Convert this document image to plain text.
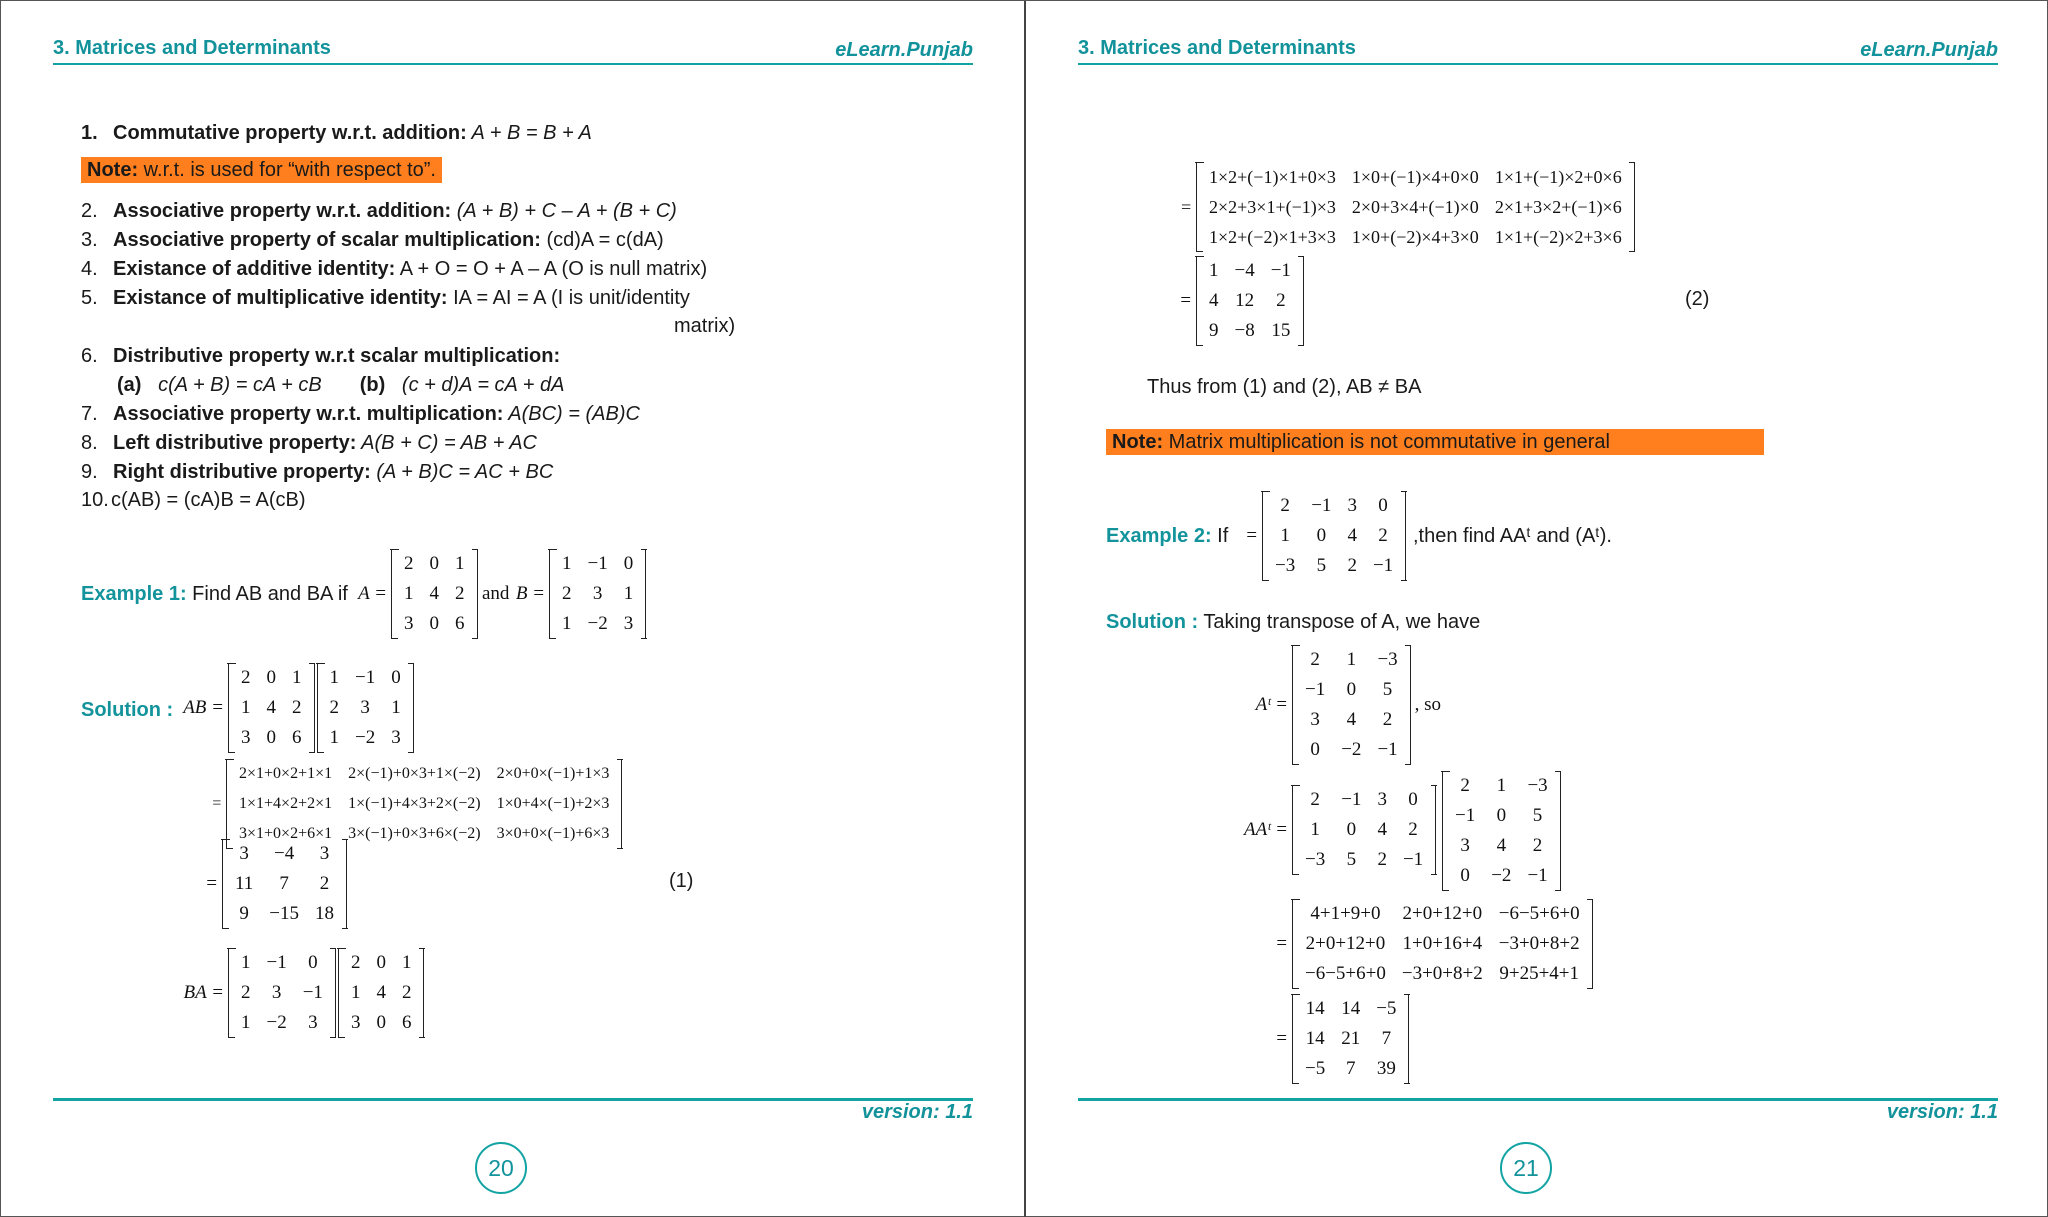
3. Matrices and Determinants	eLearn.Punjab
1. Commutative property w.r.t. addition: A + B = B + A
Note: w.r.t. is used for “with respect to”.
2. Associative property w.r.t. addition: (A + B) + C – A + (B + C)
3. Associative property of scalar multiplication: (cd)A = c(dA)
4. Existance of additive identity: A + O = O + A – A (O is null matrix)
5. Existance of multiplicative identity: IA = AI = A (I is unit/identity
matrix)
6. Distributive property w.r.t scalar multiplication:
(a) c(A + B) = cA + cB (b) (c + d)A = cA + dA
7. Associative property w.r.t. multiplication: A(BC) = (AB)C
8. Left distributive property: A(B + C) = AB + AC
9. Right distributive property: (A + B)C = AC + BC
10. c(AB) = (cA)B = A(cB)
Example 1: Find AB and BA if A =
2	0	1
1	4	2
3	0	6
and B =
1	−1	0
2	3	1
1	−2	3
Solution : AB =
2	0	1
1	4	2
3	0	6
1	−1	0
2	3	1
1	−2	3
=
2×1+0×2+1×1	2×(−1)+0×3+1×(−2)	2×0+0×(−1)+1×3
1×1+4×2+2×1	1×(−1)+4×3+2×(−2)	1×0+4×(−1)+2×3
3×1+0×2+6×1	3×(−1)+0×3+6×(−2)	3×0+0×(−1)+6×3
=
3	−4	3
11	7	2
9	−15	18
(1)
BA =
1	−1	0
2	3	−1
1	−2	3
2	0	1
1	4	2
3	0	6
version: 1.1
20
3. Matrices and Determinants	eLearn.Punjab
=
1×2+(−1)×1+0×3	1×0+(−1)×4+0×0	1×1+(−1)×2+0×6
2×2+3×1+(−1)×3	2×0+3×4+(−1)×0	2×1+3×2+(−1)×6
1×2+(−2)×1+3×3	1×0+(−2)×4+3×0	1×1+(−2)×2+3×6
=
1	−4	−1
4	12	2
9	−8	15
(2)
Thus from (1) and (2), AB ≠ BA
Note: Matrix multiplication is not commutative in general
Example 2: If =
2	−1	3	0
1	0	4	2
−3	5	2	−1
,then find AAᵗ and (Aᵗ).
Solution : Taking transpose of A, we have
Aᵗ =
2	1	−3
−1	0	5
3	4	2
0	−2	−1
, so
AAᵗ =
2	−1	3	0
1	0	4	2
−3	5	2	−1
2	1	−3
−1	0	5
3	4	2
0	−2	−1
=
4+1+9+0	2+0+12+0	−6−5+6+0
2+0+12+0	1+0+16+4	−3+0+8+2
−6−5+6+0	−3+0+8+2	9+25+4+1
=
14	14	−5
14	21	7
−5	7	39
version: 1.1
21
